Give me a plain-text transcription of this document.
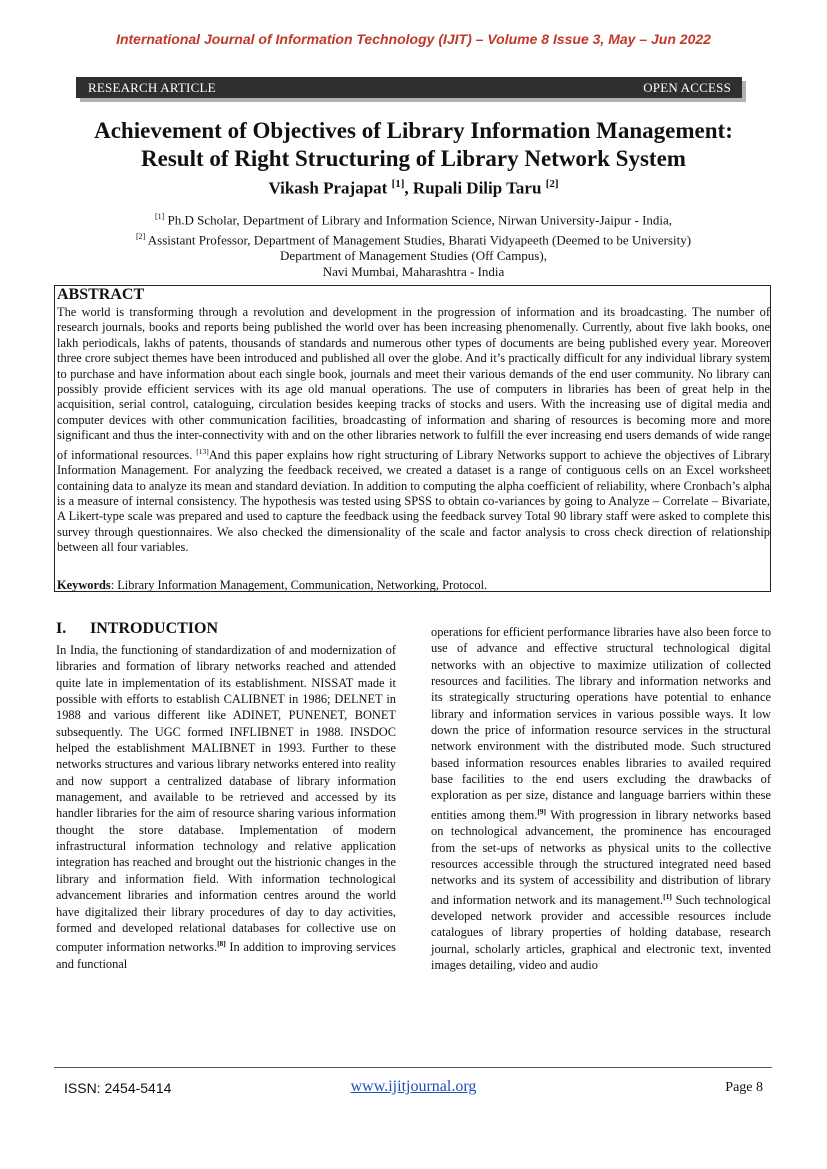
International Journal of Information Technology (IJIT) – Volume 8 Issue 3, May – Jun 2022
RESEARCH ARTICLE	OPEN ACCESS
Achievement of Objectives of Library Information Management:
Result of Right Structuring of Library Network System
Vikash Prajapat [1], Rupali Dilip Taru [2]
[1] Ph.D Scholar, Department of Library and Information Science, Nirwan University-Jaipur - India,
[2] Assistant Professor, Department of Management Studies, Bharati Vidyapeeth (Deemed to be University)
Department of Management Studies (Off Campus),
Navi Mumbai, Maharashtra - India
ABSTRACT
The world is transforming through a revolution and development in the progression of information and its broadcasting. The number of research journals, books and reports being published the world over has been increasing phenomenally. Currently, about five lakh books, one lakh periodicals, lakhs of patents, thousands of standards and numerous other types of documents are being published every year. Moreover three crore subject themes have been introduced and published all over the globe. And it’s practically difficult for any individual library system to purchase and have information about each single book, journals and meet their various demands of the end user community. No library can possibly provide efficient services with its age old manual operations. The use of computers in libraries has been of great help in the acquisition, serial control, cataloguing, circulation besides keeping tracks of stocks and users. With the increasing use of digital media and computer devices with other communication facilities, broadcasting of information and sharing of resources is becoming more and more significant and thus the inter-connectivity with and on the other libraries network to fulfill the ever increasing end users demands of wide range of informational resources. [13]And this paper explains how right structuring of Library Networks support to achieve the objectives of Library Information Management. For analyzing the feedback received, we created a dataset is a range of contiguous cells on an Excel worksheet containing data to analyze its mean and standard deviation. In addition to computing the alpha coefficient of reliability, where Cronbach’s alpha is a measure of internal consistency. The hypothesis was tested using SPSS to obtain co-variances by going to Analyze – Correlate – Bivariate, A Likert-type scale was prepared and used to capture the feedback using the feedback survey Total 90 library staff were asked to complete this survey through questionnaires. We also checked the dimensionality of the scale and factor analysis to cross check direction of relationship between all four variables.
Keywords: Library Information Management, Communication, Networking, Protocol.
I. INTRODUCTION
In India, the functioning of standardization of and modernization of libraries and formation of library networks reached and attended quite late in implementation of its establishment. NISSAT made it possible with efforts to establish CALIBNET in 1986; DELNET in 1988 and various different like ADINET, PUNENET, BONET subsequently. The UGC formed INFLIBNET in 1988. INSDOC helped the establishment MALIBNET in 1993. Further to these networks structures and various library networks entered into reality and now support a centralized database of library information management, and available to be retrieved and accessed by its handler libraries for the aim of resource sharing various information thought the store database. Implementation of modern infrastructural information technology and relative application integration has reached and brought out the histrionic changes in the library and information field. With information technological advancement libraries and information centres around the world have digitalized their library procedures of day to day activities, formed and developed relational databases for collective use on computer information networks.[8] In addition to improving services and functional
operations for efficient performance libraries have also been force to use of advance and effective structural technological digital networks with an objective to maximize utilization of collected resources and facilities. The library and information networks and its strategically structuring operations have potential to enhance library and information services in various possible ways. It low down the price of information resource services in the structural network environment with the distributed mode. Such structured based information resources enables libraries to availed required base facilities to the end users excluding the drawbacks of exploration as per size, distance and language barriers within these entities among them.[9] With progression in library networks based on technological advancement, the prominence has encouraged from the set-ups of networks as physical units to the collective resources accessible through the structured integrated need based networks and its system of accessibility and distribution of library and information network and its management.[1] Such technological developed network provider and accessible resources include catalogues of library properties of holding database, research journal, scholarly articles, graphical and electronic text, invented images detailing, video and audio
ISSN: 2454-5414	www.ijitjournal.org	Page 8
